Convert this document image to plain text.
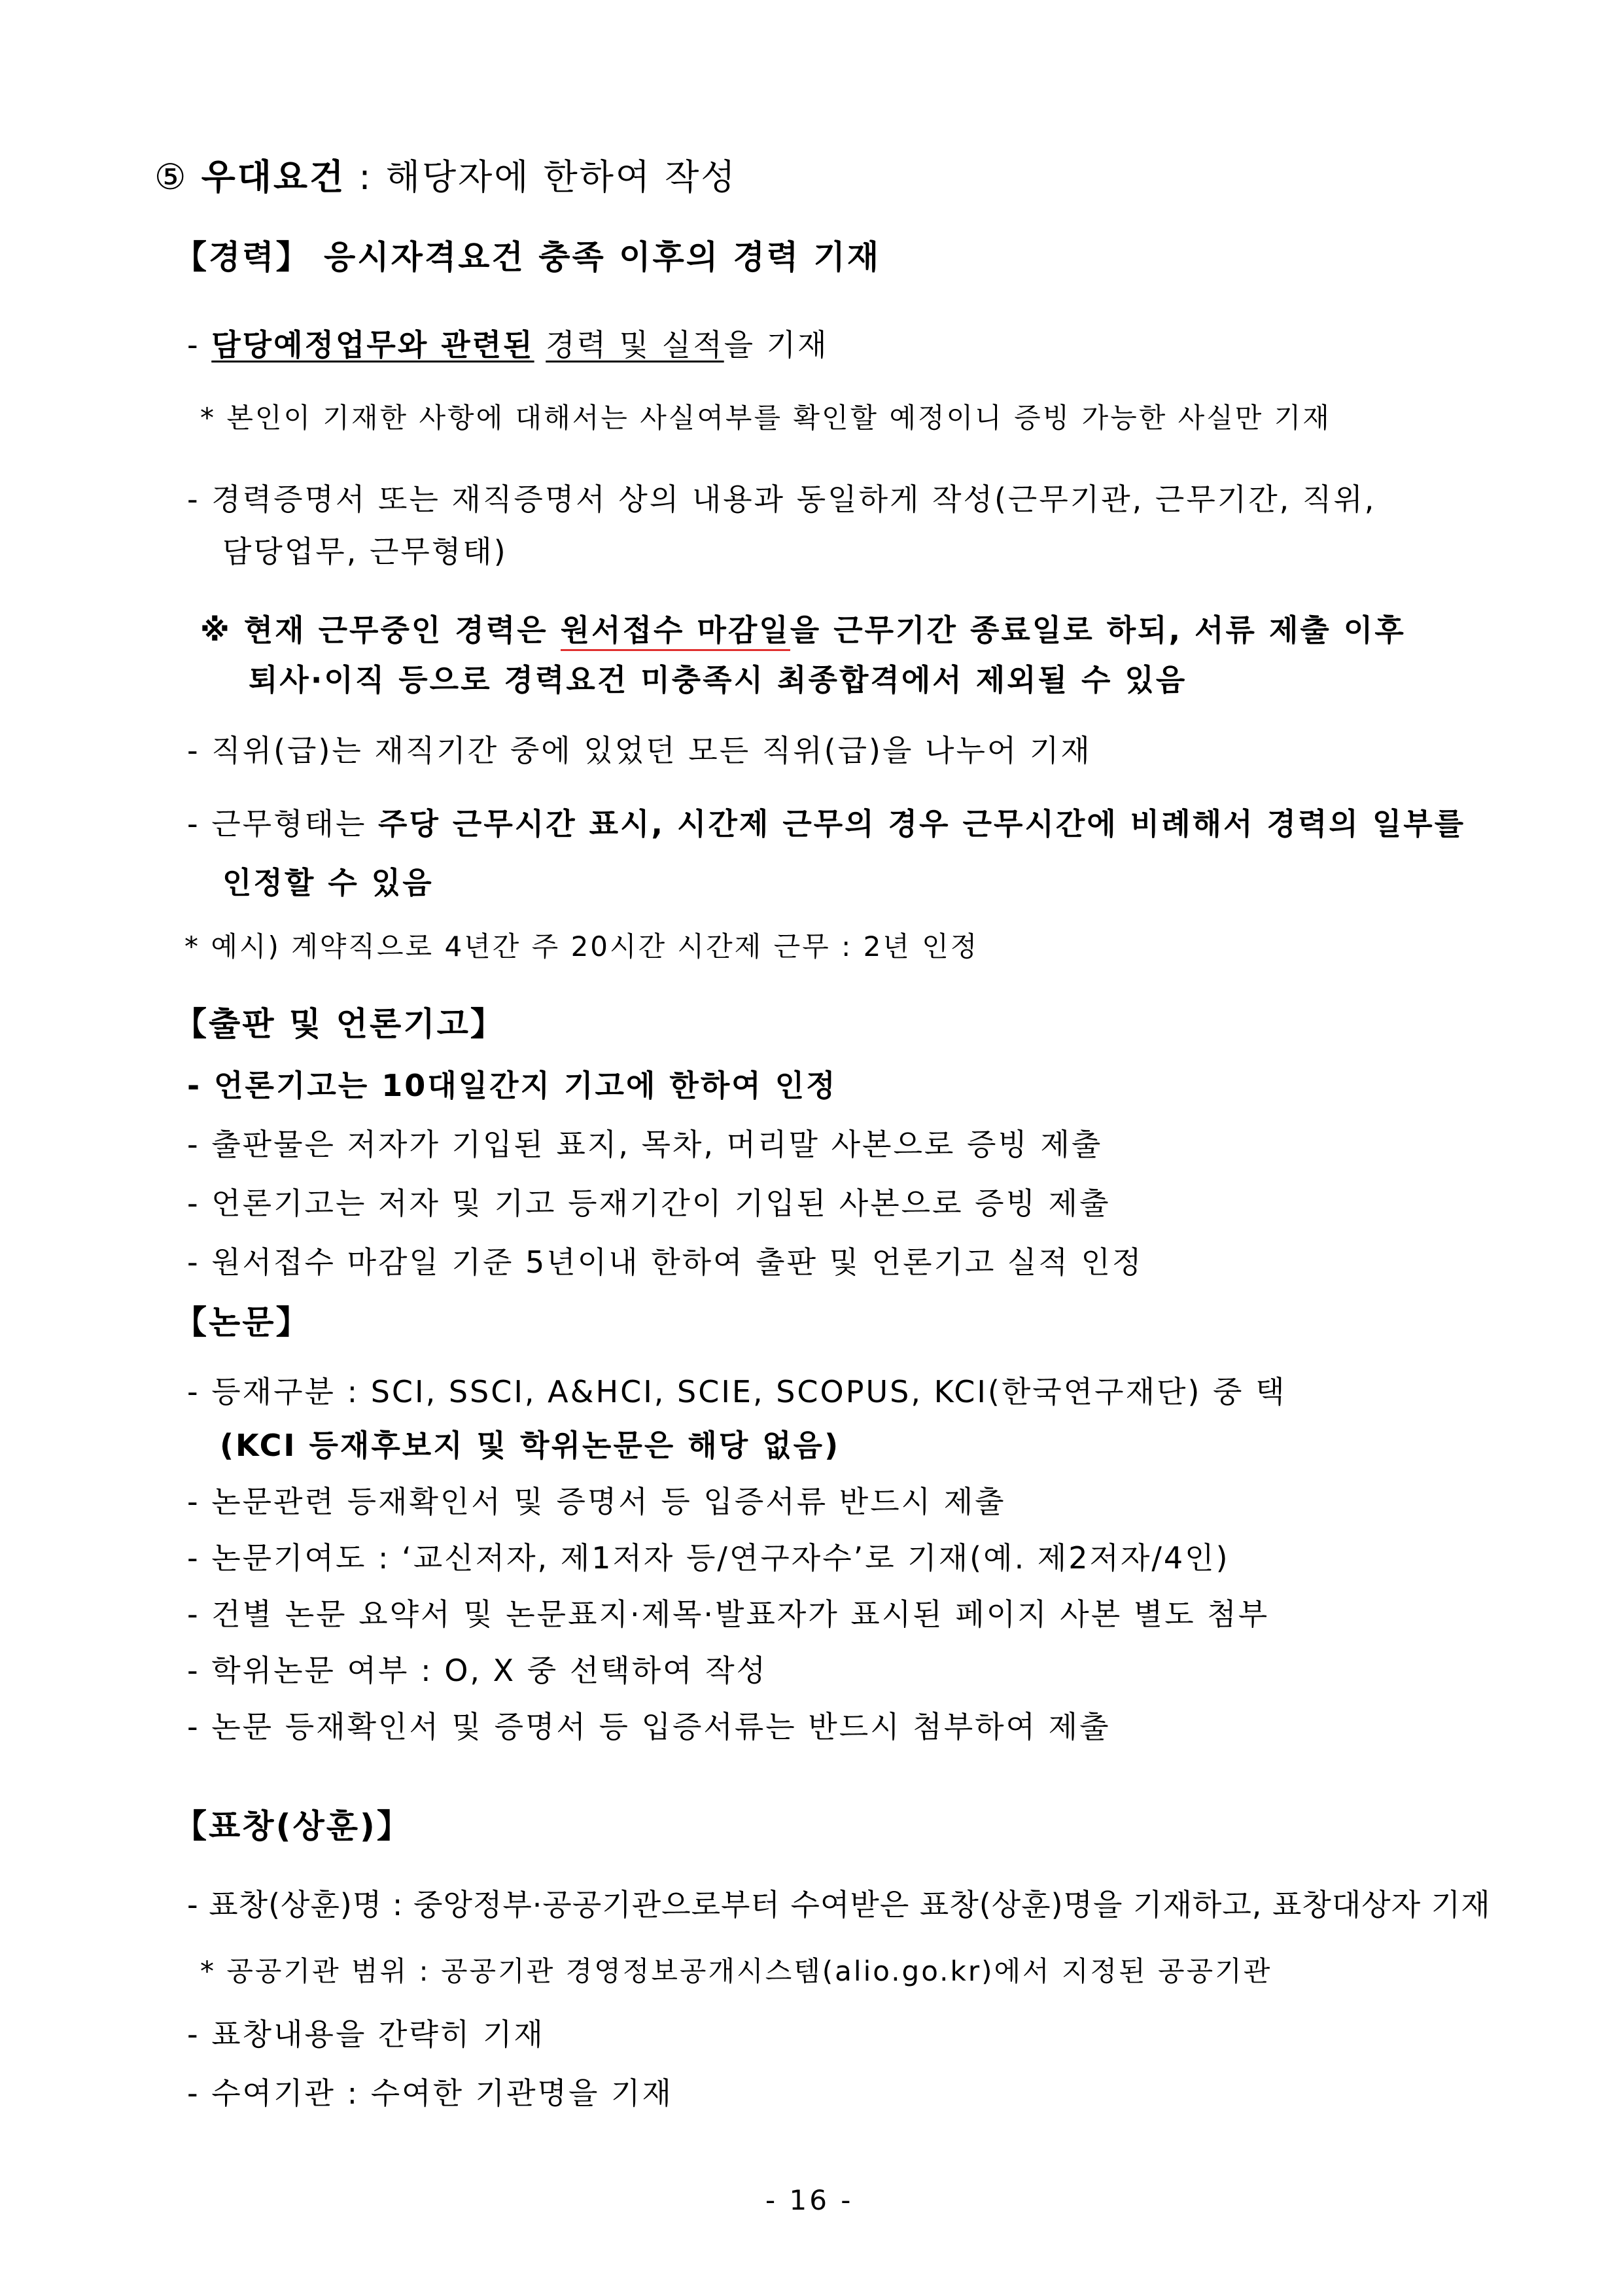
⑤ 우대요건 : 해당자에 한하여 작성
【경력】 응시자격요건 충족 이후의 경력 기재
- 담당예정업무와 관련된 경력 및 실적을 기재
* 본인이 기재한 사항에 대해서는 사실여부를 확인할 예정이니 증빙 가능한 사실만 기재
- 경력증명서 또는 재직증명서 상의 내용과 동일하게 작성(근무기관, 근무기간, 직위,
담당업무, 근무형태)
※ 현재 근무중인 경력은 원서접수 마감일을 근무기간 종료일로 하되, 서류 제출 이후
퇴사·이직 등으로 경력요건 미충족시 최종합격에서 제외될 수 있음
- 직위(급)는 재직기간 중에 있었던 모든 직위(급)을 나누어 기재
- 근무형태는 주당 근무시간 표시, 시간제 근무의 경우 근무시간에 비례해서 경력의 일부를
인정할 수 있음
* 예시) 계약직으로 4년간 주 20시간 시간제 근무 : 2년 인정
【출판 및 언론기고】
- 언론기고는 10대일간지 기고에 한하여 인정
- 출판물은 저자가 기입된 표지, 목차, 머리말 사본으로 증빙 제출
- 언론기고는 저자 및 기고 등재기간이 기입된 사본으로 증빙 제출
- 원서접수 마감일 기준 5년이내 한하여 출판 및 언론기고 실적 인정
【논문】
- 등재구분 : SCI, SSCI, A&HCI, SCIE, SCOPUS, KCI(한국연구재단) 중 택
(KCI 등재후보지 및 학위논문은 해당 없음)
- 논문관련 등재확인서 및 증명서 등 입증서류 반드시 제출
- 논문기여도 : ‘교신저자, 제1저자 등/연구자수’로 기재(예. 제2저자/4인)
- 건별 논문 요약서 및 논문표지·제목·발표자가 표시된 페이지 사본 별도 첨부
- 학위논문 여부 : O, X 중 선택하여 작성
- 논문 등재확인서 및 증명서 등 입증서류는 반드시 첨부하여 제출
【표창(상훈)】
- 표창(상훈)명 : 중앙정부·공공기관으로부터 수여받은 표창(상훈)명을 기재하고, 표창대상자 기재
* 공공기관 범위 : 공공기관 경영정보공개시스템(alio.go.kr)에서 지정된 공공기관
- 표창내용을 간략히 기재
- 수여기관 : 수여한 기관명을 기재
- 16 -
